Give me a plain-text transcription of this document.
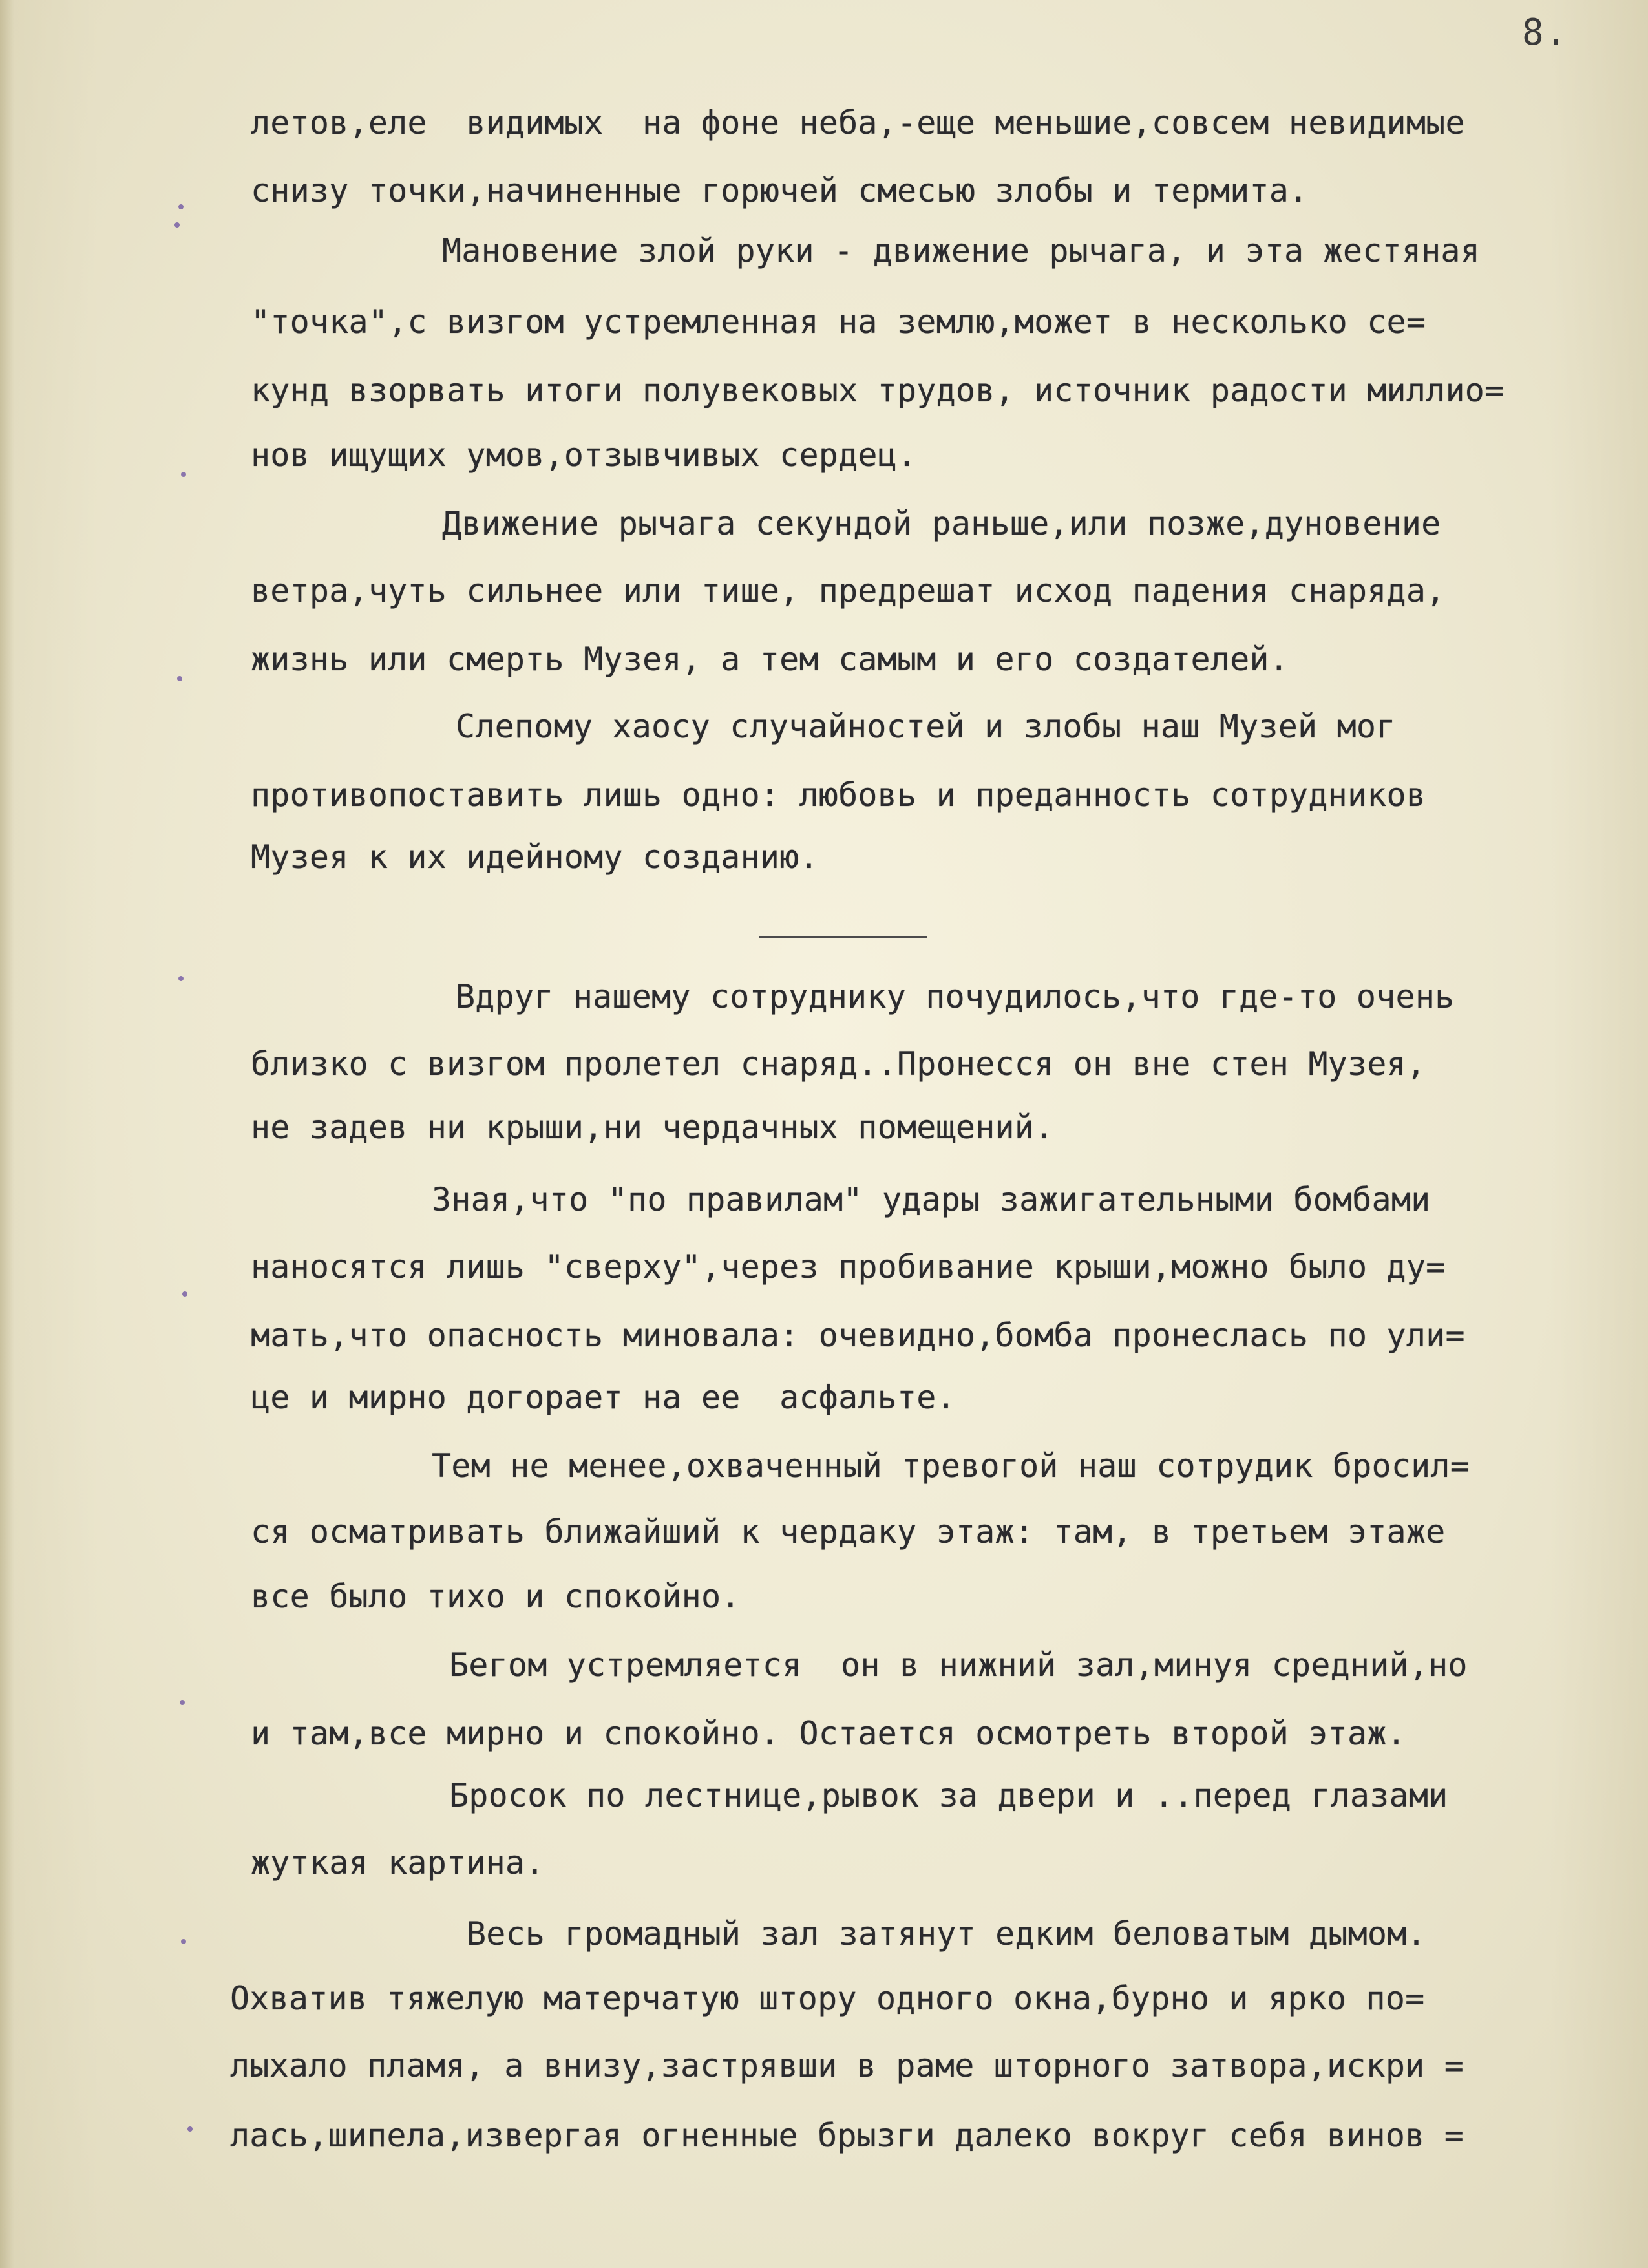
8.
летов,еле  видимых  на фоне неба,-еще меньшие,совсем невидимые
снизу точки,начиненные горючей смесью злобы и термита.
Мановение злой руки - движение рычага, и эта жестяная
"точка",с визгом устремленная на землю,может в несколько се=
кунд взорвать итоги полувековых трудов, источник радости миллио=
нов ищущих умов,отзывчивых сердец.
Движение рычага секундой раньше,или позже,дуновение
ветра,чуть сильнее или тише, предрешат исход падения снаряда,
жизнь или смерть Музея, а тем самым и его создателей.
Слепому хаосу случайностей и злобы наш Музей мог
противопоставить лишь одно: любовь и преданность сотрудников
Музея к их идейному созданию.
Вдруг нашему сотруднику почудилось,что где-то очень
близко с визгом пролетел снаряд..Пронесся он вне стен Музея,
не задев ни крыши,ни чердачных помещений.
Зная,что "по правилам" удары зажигательными бомбами
наносятся лишь "сверху",через пробивание крыши,можно было ду=
мать,что опасность миновала: очевидно,бомба пронеслась по ули=
це и мирно догорает на ее  асфальте.
Тем не менее,охваченный тревогой наш сотрудик бросил=
ся осматривать ближайший к чердаку этаж: там, в третьем этаже
все было тихо и спокойно.
Бегом устремляется  он в нижний зал,минуя средний,но
и там,все мирно и спокойно. Остается осмотреть второй этаж.
Бросок по лестнице,рывок за двери и ..перед глазами
жуткая картина.
Весь громадный зал затянут едким беловатым дымом.
Охватив тяжелую матерчатую штору одного окна,бурно и ярко по=
лыхало пламя, а внизу,застрявши в раме шторного затвора,искри =
лась,шипела,извергая огненные брызги далеко вокруг себя винов =
